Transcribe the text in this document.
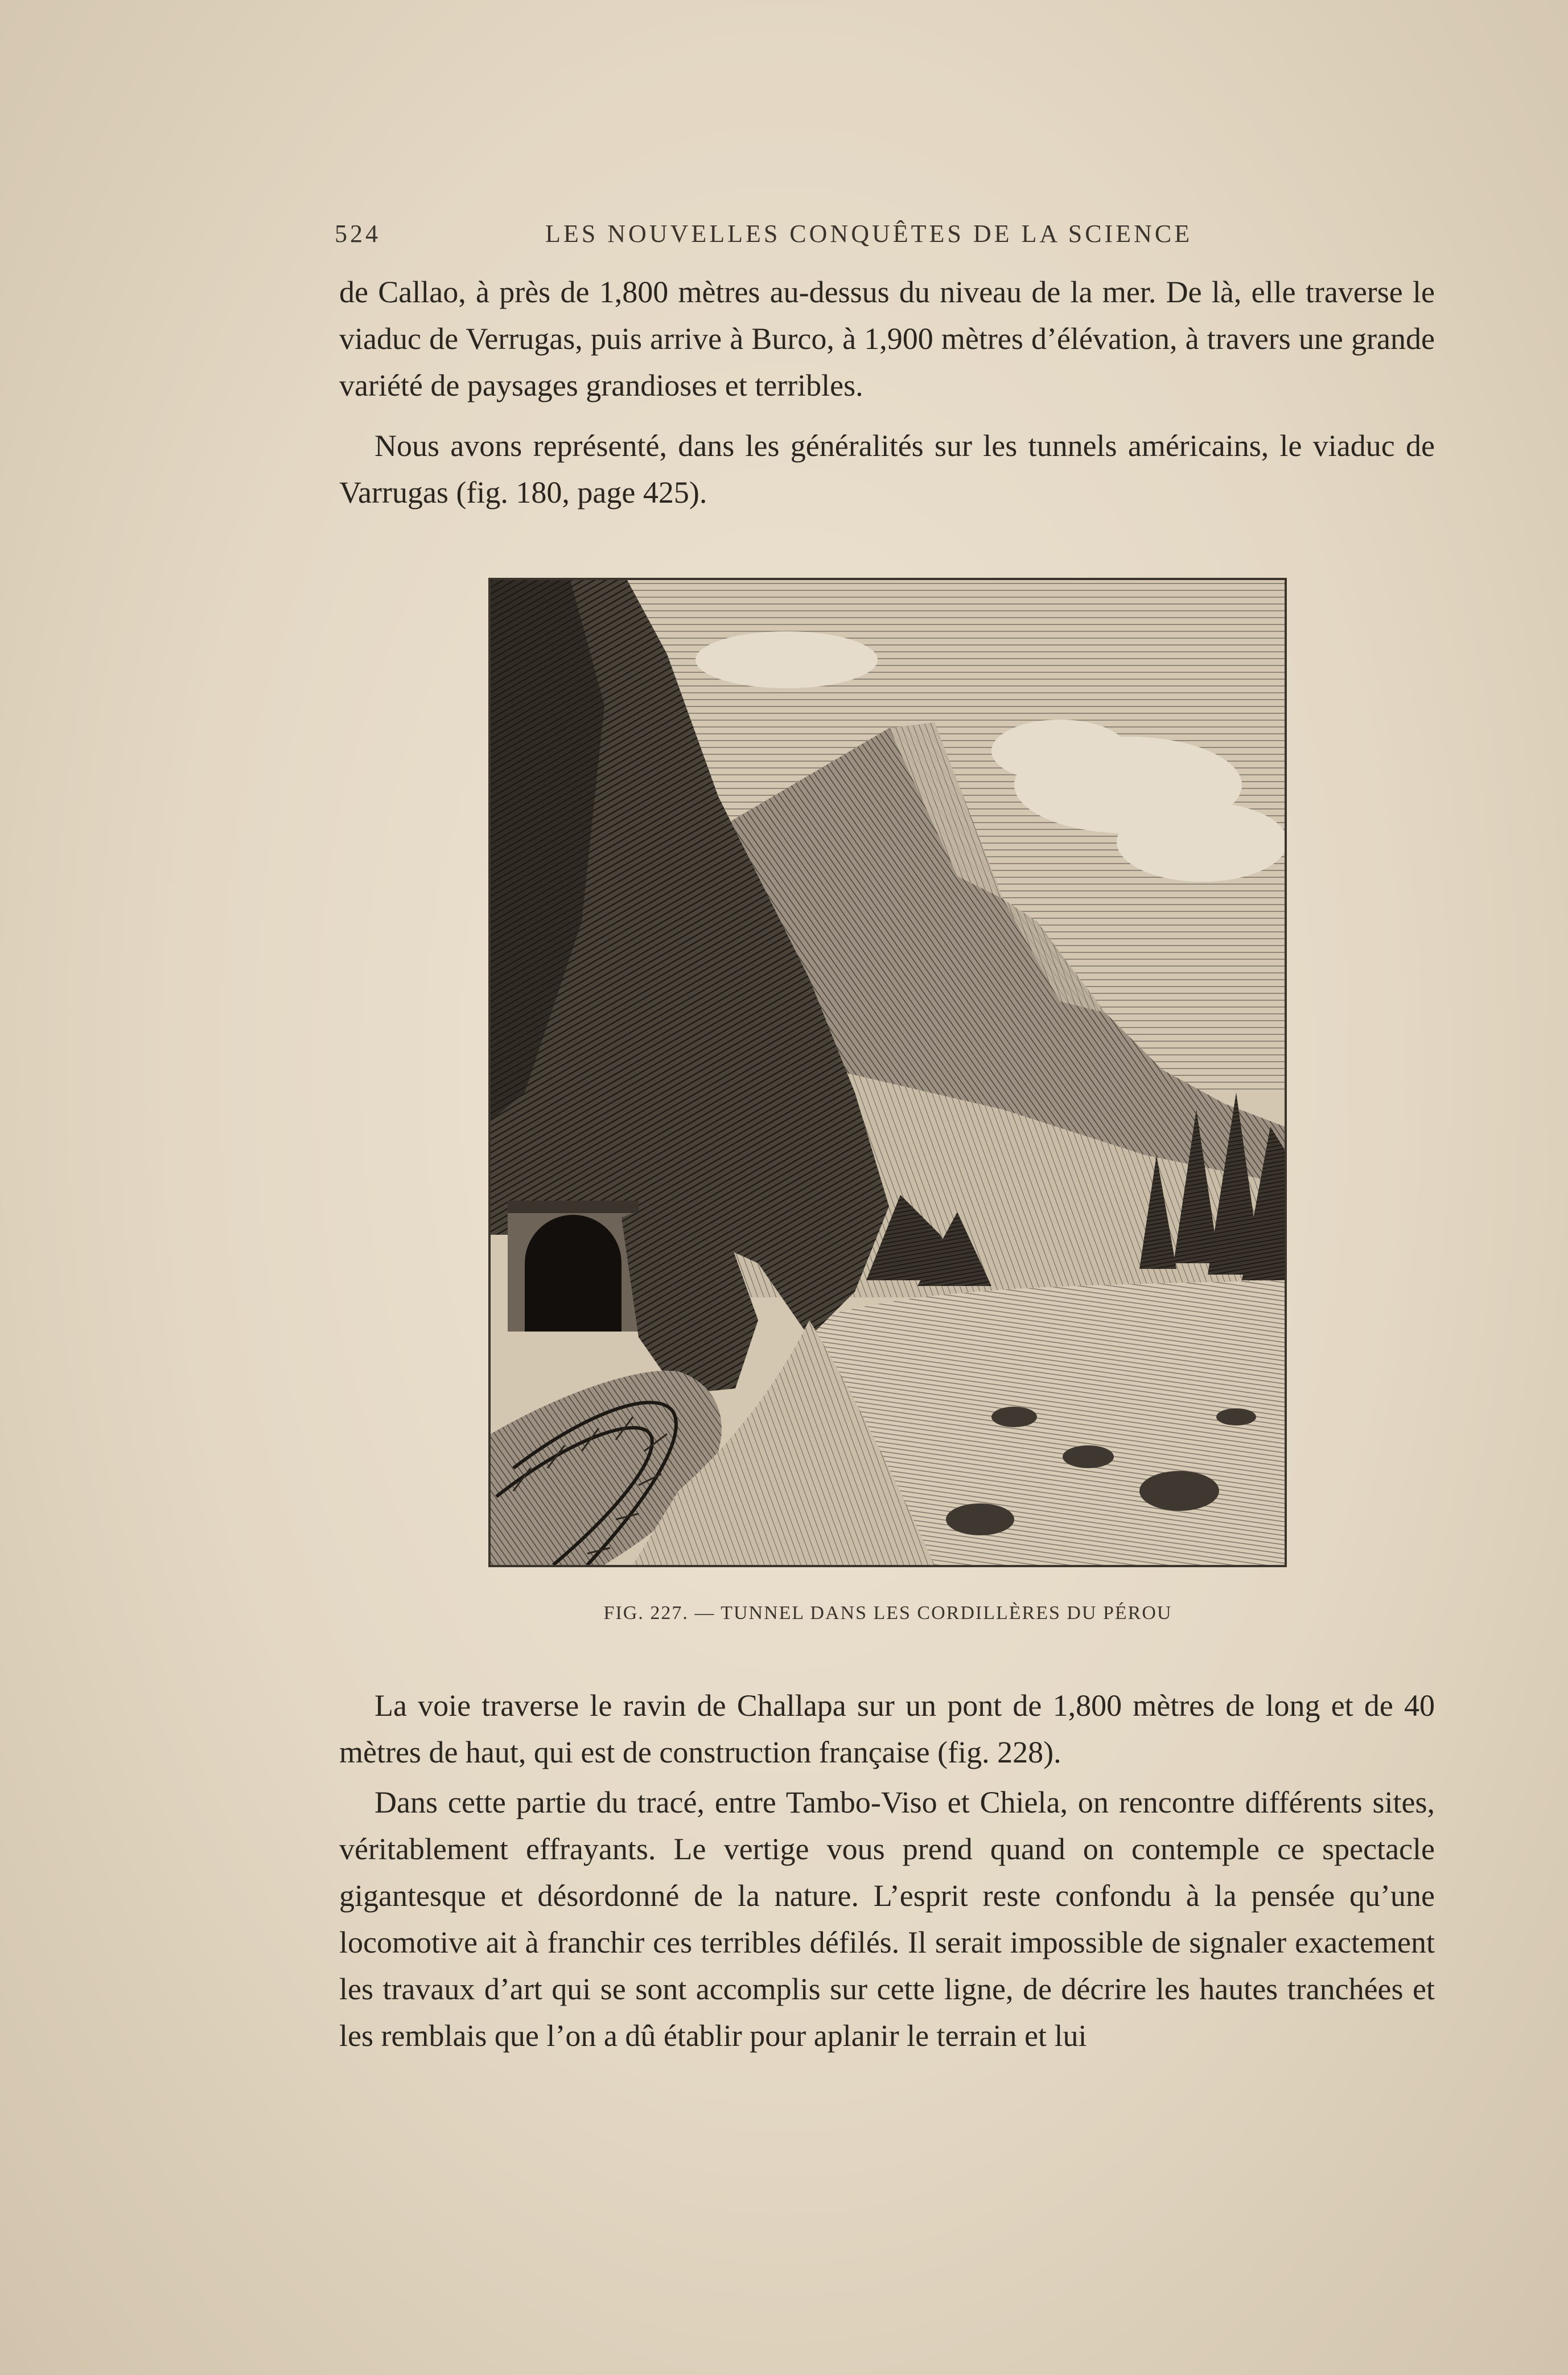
524	LES NOUVELLES CONQUÊTES DE LA SCIENCE

de Callao, à près de 1,800 mètres au-dessus du niveau de la mer. De là, elle traverse le viaduc de Verrugas, puis arrive à Burco, à 1,900 mètres d’élévation, à travers une grande variété de paysages grandioses et terribles.

Nous avons représenté, dans les généralités sur les tunnels américains, le viaduc de Varrugas (fig. 180, page 425).

FIG. 227. — TUNNEL DANS LES CORDILLÈRES DU PÉROU

La voie traverse le ravin de Challapa sur un pont de 1,800 mètres de long et de 40 mètres de haut, qui est de construction française (fig. 228).

Dans cette partie du tracé, entre Tambo-Viso et Chiela, on rencontre différents sites, véritablement effrayants. Le vertige vous prend quand on contemple ce spectacle gigantesque et désordonné de la nature. L’esprit reste confondu à la pensée qu’une locomotive ait à franchir ces terribles défilés. Il serait impossible de signaler exactement les travaux d’art qui se sont accomplis sur cette ligne, de décrire les hautes tranchées et les remblais que l’on a dû établir pour aplanir le terrain et lui
